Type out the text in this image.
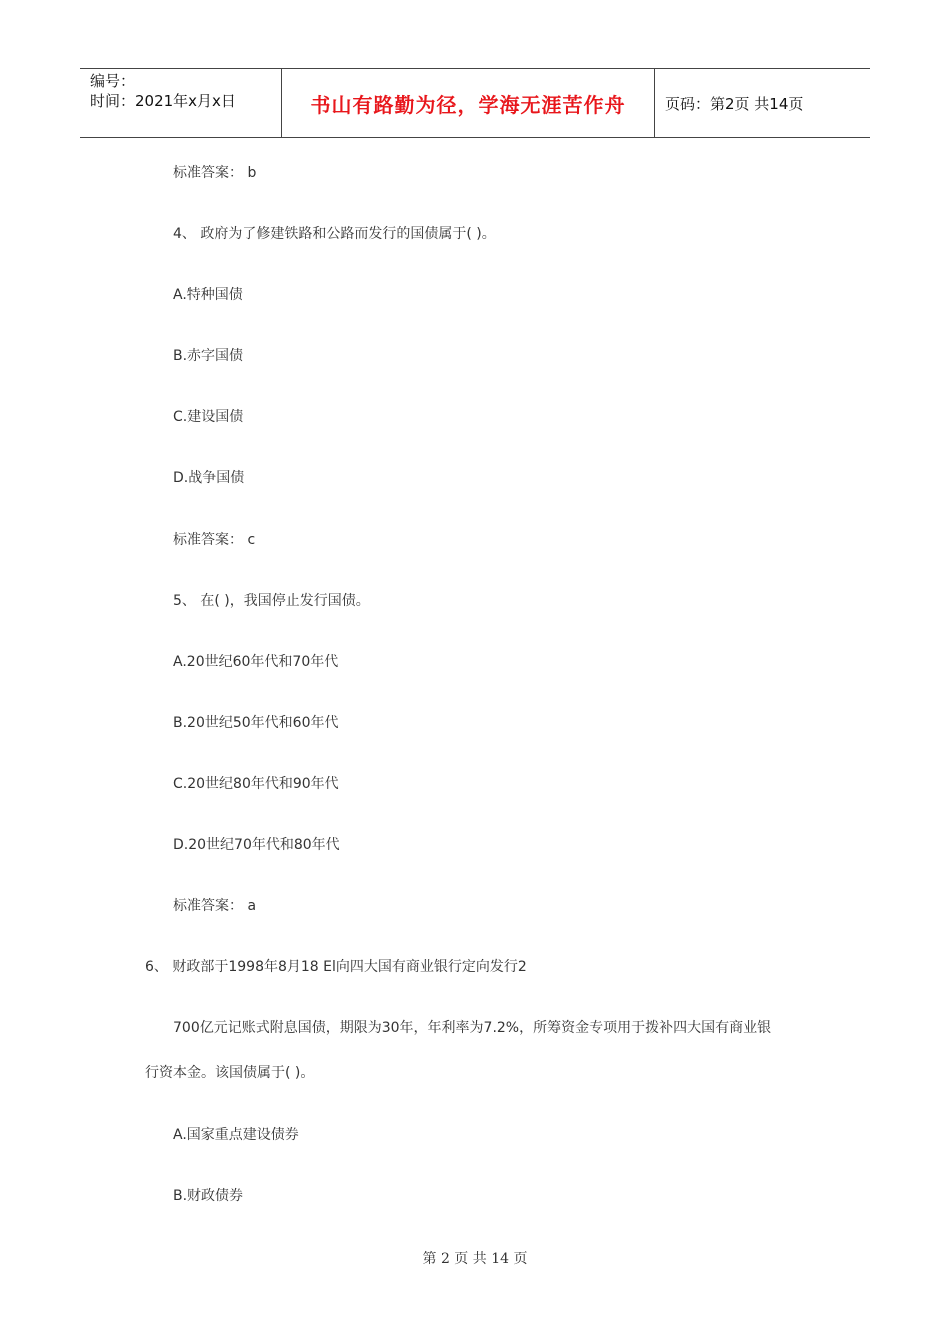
编号：
时间：2021年x月x日	书山有路勤为径，学海无涯苦作舟	页码：第2页 共14页
标准答案： b
4、 政府为了修建铁路和公路而发行的国债属于( )。
A.特种国债
B.赤字国债
C.建设国债
D.战争国债
标准答案： c
5、 在( )，我国停止发行国债。
A.20世纪60年代和70年代
B.20世纪50年代和60年代
C.20世纪80年代和90年代
D.20世纪70年代和80年代
标准答案： a
6、 财政部于1998年8月18 El向四大国有商业银行定向发行2
700亿元记账式附息国债，期限为30年，年利率为7.2%，所筹资金专项用于拨补四大国有商业银
行资本金。该国债属于( )。
A.国家重点建设债券
B.财政债券
第 2 页 共 14 页
